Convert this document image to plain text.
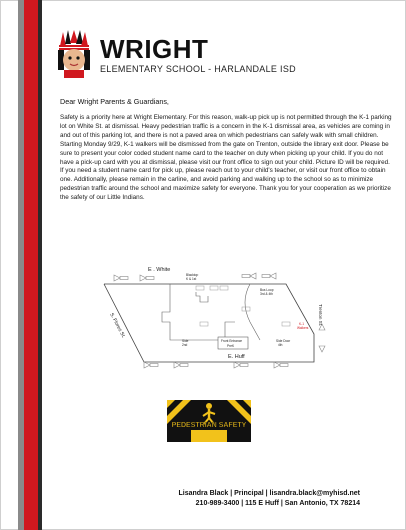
WRIGHT
ELEMENTARY SCHOOL - HARLANDALE ISD
Dear Wright Parents & Guardians,
Safety is a priority here at Wright Elementary. For this reason, walk-up pick up is not permitted through the K-1 parking lot on White St. at dismissal. Heavy pedestrian traffic is a concern in the K-1 dismissal area, as vehicles are coming in and out of this parking lot, and there is not a paved area on which pedestrians can safely walk with small children. Starting Monday 9/29, K-1 walkers will be dismissed from the gate on Trenton, outside the library exit door. Please be sure to present your color coded student name card to the teacher on duty when picking up your child. If you do not have a pick-up card with you at dismissal, please visit our front office to sign out your child. Picture ID will be required. If you need a student name card for pick up, please reach out to your child's teacher, or visit our front office to obtain one. Additionally, please remain in the carline, and avoid parking and walking up to the school so as to minimize pedestrian traffic around the school and maximize safety for everyone. Thank you for your cooperation as we prioritize the safety of our Little Indians.
E . White
S. Flores St.	Trenton St.
E. Huff
Blacktop
K & 1st
Bus Loop
3rd & 4th
K-1
Walkers
Side
2nd
Front Entrance
PreK
Side Door
4th
PEDESTRIAN SAFETY
Lisandra Black | Principal | lisandra.black@myhisd.net
210-989-3400 | 115 E Huff | San Antonio, TX 78214
